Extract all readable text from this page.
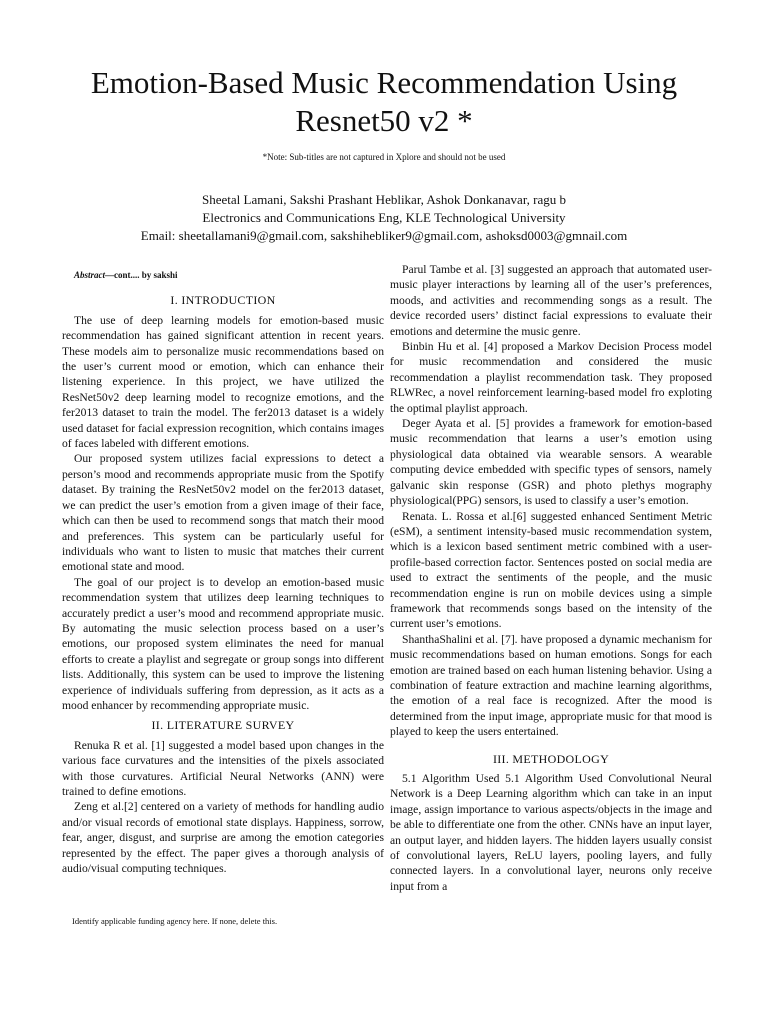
Emotion-Based Music Recommendation Using
Resnet50 v2 *
*Note: Sub-titles are not captured in Xplore and should not be used
Sheetal Lamani, Sakshi Prashant Heblikar, Ashok Donkanavar, ragu b
Electronics and Communications Eng, KLE Technological University
Email: sheetallamani9@gmail.com, sakshihebliker9@gmail.com, ashoksd0003@gmnail.com
Abstract—cont.... by sakshi
I. INTRODUCTION

The use of deep learning models for emotion-based music recommendation has gained significant attention in recent years. These models aim to personalize music recommendations based on the user’s current mood or emotion, which can enhance their listening experience. In this project, we have utilized the ResNet50v2 deep learning model to recognize emotions, and the fer2013 dataset to train the model. The fer2013 dataset is a widely used dataset for facial expression recognition, which contains images of faces labeled with different emotions.

Our proposed system utilizes facial expressions to detect a person’s mood and recommends appropriate music from the Spotify dataset. By training the ResNet50v2 model on the fer2013 dataset, we can predict the user’s emotion from a given image of their face, which can then be used to recommend songs that match their mood and preferences. This system can be particularly useful for individuals who want to listen to music that matches their current emotional state and mood.

The goal of our project is to develop an emotion-based music recommendation system that utilizes deep learning techniques to accurately predict a user’s mood and recommend appropriate music. By automating the music selection process based on a user’s emotions, our proposed system eliminates the need for manual efforts to create a playlist and segregate or group songs into different lists. Additionally, this system can be used to improve the listening experience of individuals suffering from depression, as it acts as a mood enhancer by recommending appropriate music.

II. LITERATURE SURVEY

Renuka R et al. [1] suggested a model based upon changes in the various face curvatures and the intensities of the pixels associated with those curvatures. Artificial Neural Networks (ANN) were trained to define emotions.

Zeng et al.[2] centered on a variety of methods for handling audio and/or visual records of emotional state displays. Happiness, sorrow, fear, anger, disgust, and surprise are among the emotion categories represented by the effect. The paper gives a thorough analysis of audio/visual computing techniques.

Identify applicable funding agency here. If none, delete this.

Parul Tambe et al. [3] suggested an approach that automated user-music player interactions by learning all of the user’s preferences, moods, and activities and recommending songs as a result. The device recorded users’ distinct facial expressions to evaluate their emotions and determine the music genre.

Binbin Hu et al. [4] proposed a Markov Decision Process model for music recommendation and considered the music recommendation a playlist recommendation task. They proposed RLWRec, a novel reinforcement learning-based model fro exploting the optimal playlist approach.

Deger Ayata et al. [5] provides a framework for emotion-based music recommendation that learns a user’s emotion using physiological data obtained via wearable sensors. A wearable computing device embedded with specific types of sensors, namely galvanic skin response (GSR) and photo plethys mography physiological(PPG) sensors, is used to classify a user’s emotion.

Renata. L. Rossa et al.[6] suggested enhanced Sentiment Metric (eSM), a sentiment intensity-based music recommendation system, which is a lexicon based sentiment metric combined with a user-profile-based correction factor. Sentences posted on social media are used to extract the sentiments of the people, and the music recommendation engine is run on mobile devices using a simple framework that recommends songs based on the intensity of the current user’s emotions.

ShanthaShalini et al. [7]. have proposed a dynamic mechanism for music recommendations based on human emotions. Songs for each emotion are trained based on each human listening behavior. Using a combination of feature extraction and machine learning algorithms, the emotion of a real face is recognized. After the mood is determined from the input image, appropriate music for that mood is played to keep the users entertained.

III. METHODOLOGY

5.1 Algorithm Used 5.1 Algorithm Used Convolutional Neural Network is a Deep Learning algorithm which can take in an input image, assign importance to various aspects/objects in the image and be able to differentiate one from the other. CNNs have an input layer, an output layer, and hidden layers. The hidden layers usually consist of convolutional layers, ReLU layers, pooling layers, and fully connected layers. In a convolutional layer, neurons only receive input from a
